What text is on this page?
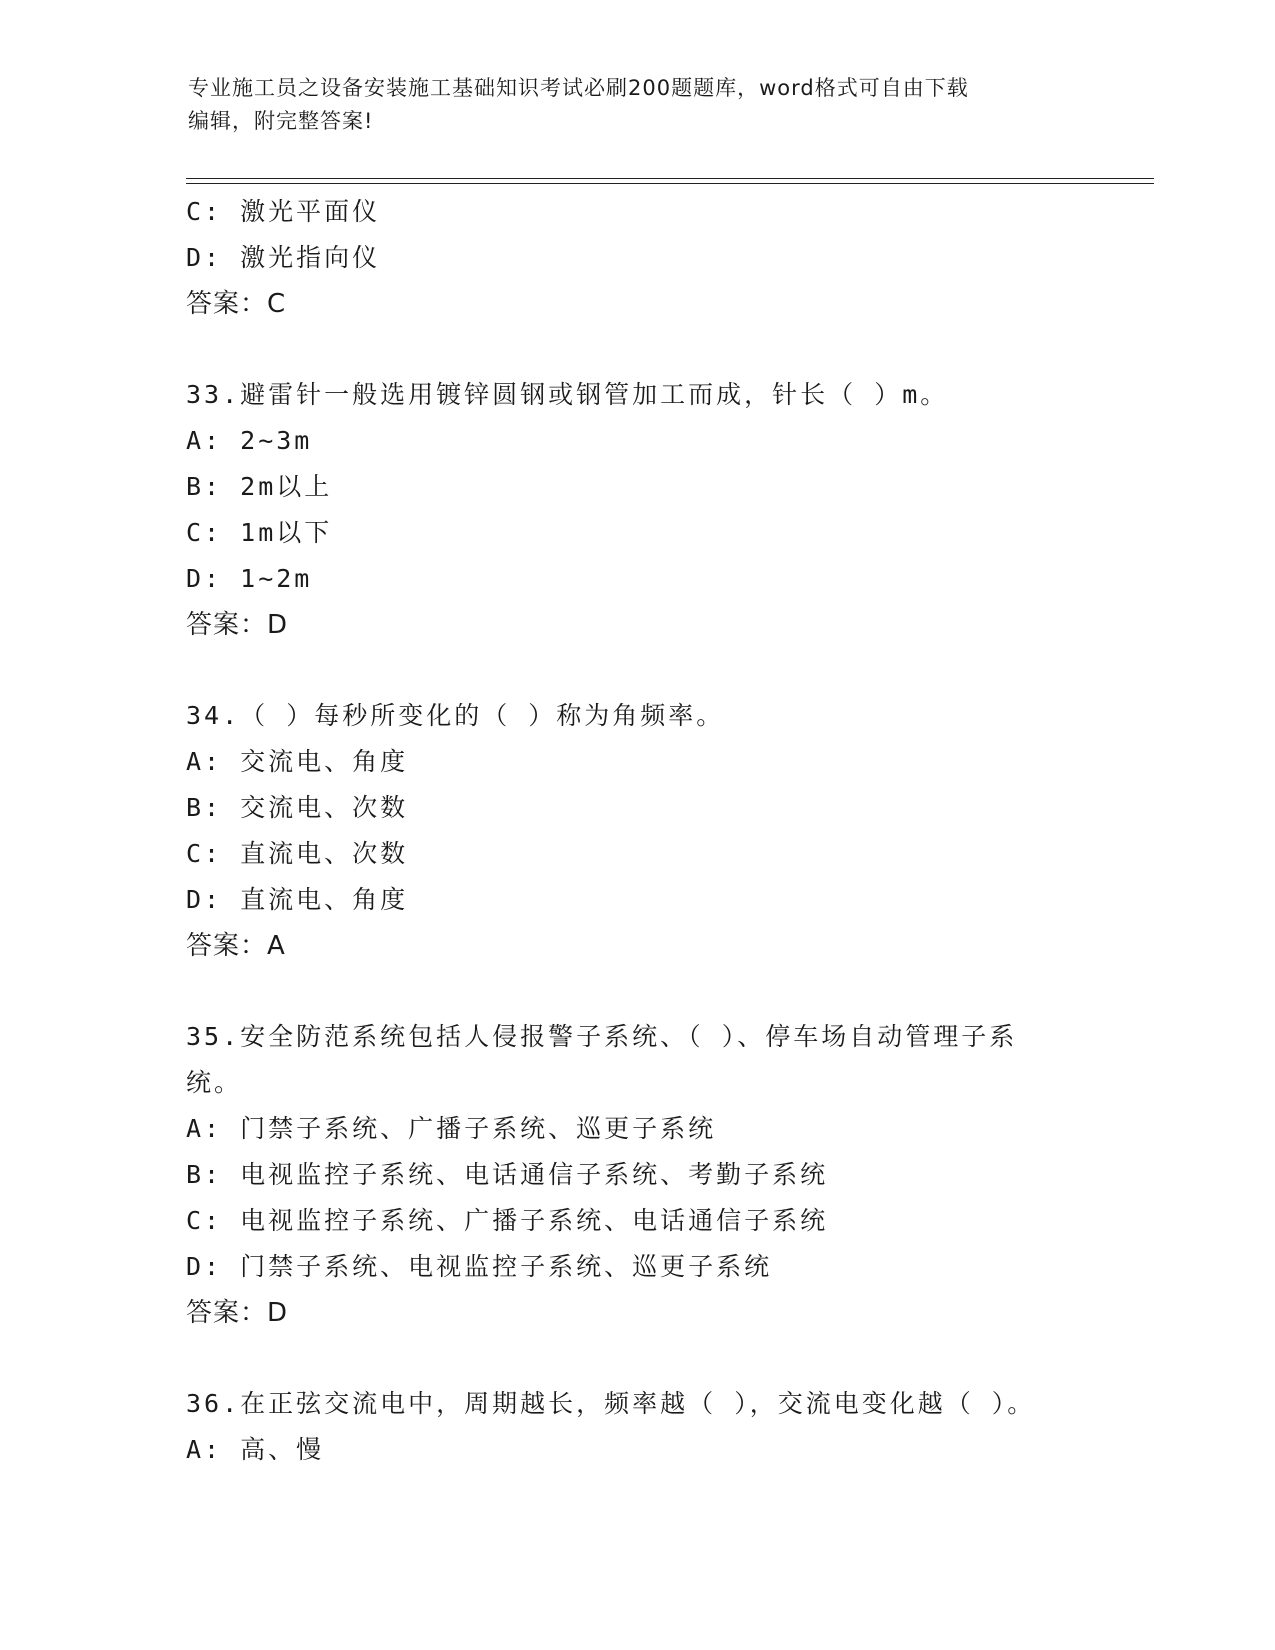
专业施工员之设备安装施工基础知识考试必刷200题题库，word格式可自由下载
编辑，附完整答案!
C: 激光平面仪
D: 激光指向仪
答案：C
33.避雷针一般选用镀锌圆钢或钢管加工而成，针长（ ）m。
A: 2~3m
B: 2m以上
C: 1m以下
D: 1~2m
答案：D
34.（ ）每秒所变化的（ ）称为角频率。
A: 交流电、角度
B: 交流电、次数
C: 直流电、次数
D: 直流电、角度
答案：A
35.安全防范系统包括人侵报警子系统、（ ）、停车场自动管理子系
统。
A: 门禁子系统、广播子系统、巡更子系统
B: 电视监控子系统、电话通信子系统、考勤子系统
C: 电视监控子系统、广播子系统、电话通信子系统
D: 门禁子系统、电视监控子系统、巡更子系统
答案：D
36.在正弦交流电中，周期越长，频率越（ ），交流电变化越（ ）。
A: 高、慢
